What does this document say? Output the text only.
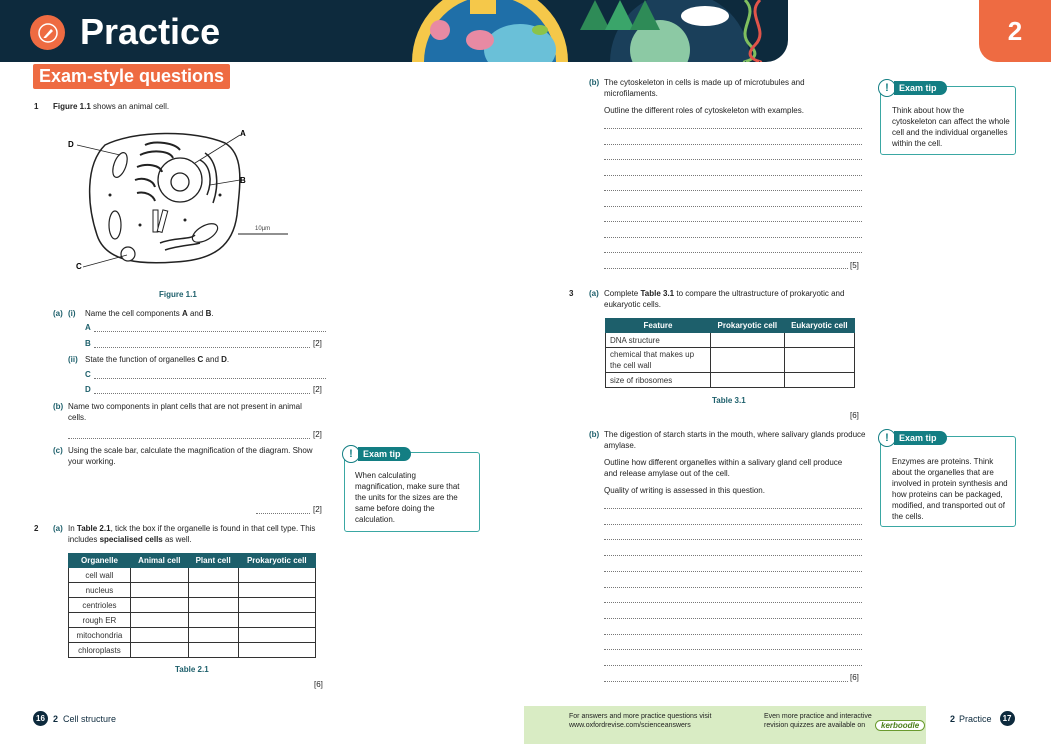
Practice	2
Exam-style questions
1 Figure 1.1 shows an animal cell.
A
B
C
D
10µm
Figure 1.1
(a) (i) Name the cell components A and B.
A
B	[2]
(ii) State the function of organelles C and D.
C
D	[2]
(b) Name two components in plant cells that are not present in animal cells.
[2]
(c) Using the scale bar, calculate the magnification of the diagram. Show your working.
[2]
!	Exam tip
When calculating magnification, make sure that the units for the sizes are the same before doing the calculation.
2 (a) In Table 2.1, tick the box if the organelle is found in that cell type. This includes specialised cells as well.
Organelle	Animal cell	Plant cell	Prokaryotic cell
cell wall			
nucleus			
centrioles			
rough ER			
mitochondria			
chloroplasts			
Table 2.1
[6]
(b) The cytoskeleton in cells is made up of microtubules and microfilaments.
Outline the different roles of cytoskeleton with examples.
[5]
!	Exam tip
Think about how the cytoskeleton can affect the whole cell and the individual organelles within the cell.
3 (a) Complete Table 3.1 to compare the ultrastructure of prokaryotic and eukaryotic cells.
Feature	Prokaryotic cell	Eukaryotic cell
DNA structure		
chemical that makes up the cell wall		
size of ribosomes		
Table 3.1
[6]
(b) The digestion of starch starts in the mouth, where salivary glands produce amylase.
Outline how different organelles within a salivary gland cell produce and release amylase out of the cell.
Quality of writing is assessed in this question.
[6]
!	Exam tip
Enzymes are proteins. Think about the organelles that are involved in protein synthesis and how proteins can be packaged, modified, and transported out of the cells.
16 2 Cell structure	For answers and more practice questions visit
www.oxfordrevise.com/scienceanswers
Even more practice and interactive
revision quizzes are available on	kerboodle
2 Practice 17
